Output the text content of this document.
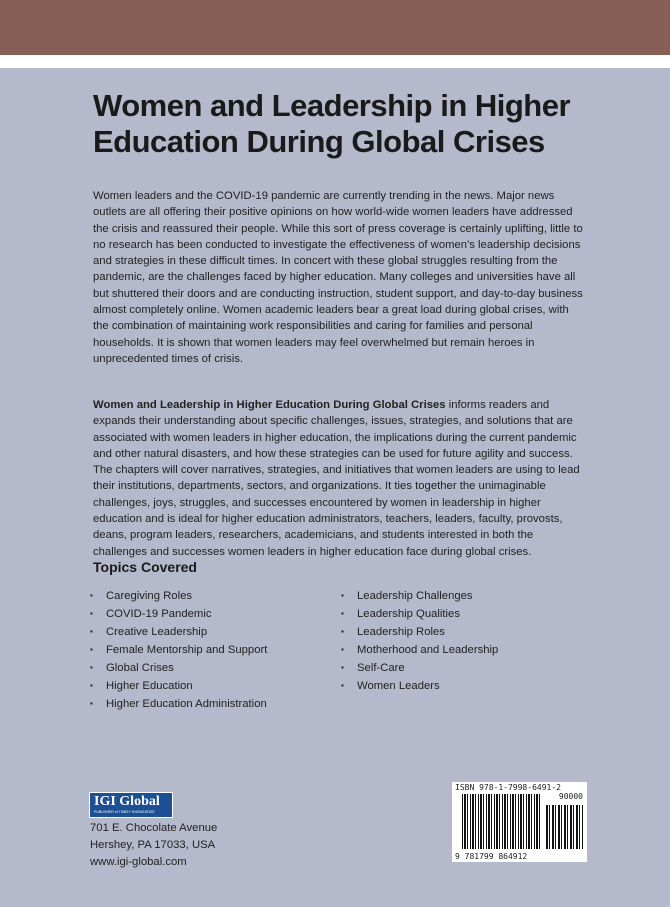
Women and Leadership in Higher Education During Global Crises

Women leaders and the COVID-19 pandemic are currently trending in the news. Major news outlets are all offering their positive opinions on how world-wide women leaders have addressed the crisis and reassured their people. While this sort of press coverage is certainly uplifting, little to no research has been conducted to investigate the effectiveness of women's leadership decisions and strategies in these difficult times. In concert with these global struggles resulting from the pandemic, are the challenges faced by higher education. Many colleges and universities have all but shuttered their doors and are conducting instruction, student support, and day-to-day business almost completely online. Women academic leaders bear a great load during global crises, with the combination of maintaining work responsibilities and caring for families and personal households. It is shown that women leaders may feel overwhelmed but remain heroes in unprecedented times of crisis.

Women and Leadership in Higher Education During Global Crises informs readers and expands their understanding about specific challenges, issues, strategies, and solutions that are associated with women leaders in higher education, the implications during the current pandemic and other natural disasters, and how these strategies can be used for future agility and success. The chapters will cover narratives, strategies, and initiatives that women leaders are using to lead their institutions, departments, sectors, and organizations. It ties together the unimaginable challenges, joys, struggles, and successes encountered by women in leadership in higher education and is ideal for higher education administrators, teachers, leaders, faculty, provosts, deans, program leaders, researchers, academicians, and students interested in both the challenges and successes women leaders in higher education face during global crises.

Topics Covered
▪ Caregiving Roles
▪ COVID-19 Pandemic
▪ Creative Leadership
▪ Female Mentorship and Support
▪ Global Crises
▪ Higher Education
▪ Higher Education Administration
▪ Leadership Challenges
▪ Leadership Qualities
▪ Leadership Roles
▪ Motherhood and Leadership
▪ Self-Care
▪ Women Leaders
IGI Global
PUBLISHER of TIMELY KNOWLEDGE
701 E. Chocolate Avenue
Hershey, PA 17033, USA
www.igi-global.com
ISBN 978-1-7998-6491-2
90000
9 781799 864912
